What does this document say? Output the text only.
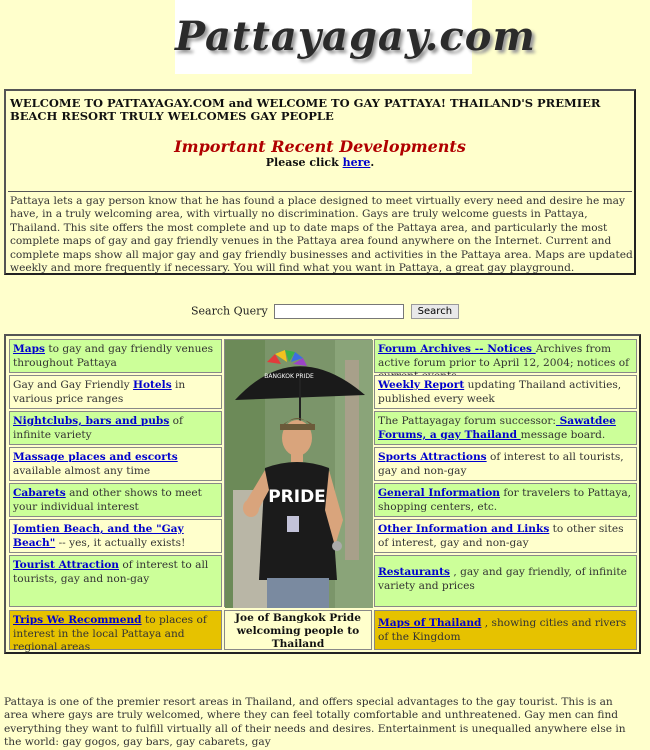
Pattayagay.com
WELCOME TO PATTAYAGAY.COM and WELCOME TO GAY PATTAYA! THAILAND'S PREMIER BEACH RESORT TRULY WELCOMES GAY PEOPLE
Important Recent Developments
Please click here.
Pattaya lets a gay person know that he has found a place designed to meet virtually every need and desire he may have, in a truly welcoming area, with virtually no discrimination. Gays are truly welcome guests in Pattaya, Thailand. This site offers the most complete and up to date maps of the Pattaya area, and particularly the most complete maps of gay and gay friendly venues in the Pattaya area found anywhere on the Internet. Current and complete maps show all major gay and gay friendly businesses and activities in the Pattaya area. Maps are updated weekly and more frequently if necessary. You will find what you want in Pattaya, a great gay playground.
Search Query	Search
Maps to gay and gay friendly venues throughout Pattaya
Gay and Gay Friendly Hotels in various price ranges
Nightclubs, bars and pubs of infinite variety
Massage places and escorts available almost any time
Cabarets and other shows to meet your individual interest
Jomtien Beach, and the "Gay Beach" -- yes, it actually exists!
Tourist Attraction of interest to all tourists, gay and non-gay
Trips We Recommend to places of interest in the local Pattaya and regional areas
BANGKOK PRIDE
PRIDE
Joe of Bangkok Pride welcoming people to Thailand
Forum Archives -- Notices Archives from active forum prior to April 12, 2004; notices of
Weekly Report updating Thailand activities, published every week
The Pattayagay forum successor: Sawatdee Forums, a gay Thailand message board.
Sports Attractions of interest to all tourists, gay and non-gay
General Information for travelers to Pattaya, shopping centers, etc.
Other Information and Links to other sites of interest, gay and non-gay
Restaurants , gay and gay friendly, of infinite variety and prices
Maps of Thailand , showing cities and rivers of the Kingdom
Pattaya is one of the premier resort areas in Thailand, and offers special advantages to the gay tourist. This is an area where gays are truly welcomed, where they can feel totally comfortable and unthreatened. Gay men can find everything they want to fulfill virtually all of their needs and desires. Entertainment is unequalled anywhere else in the world: gay gogos, gay bars, gay cabarets, gay
